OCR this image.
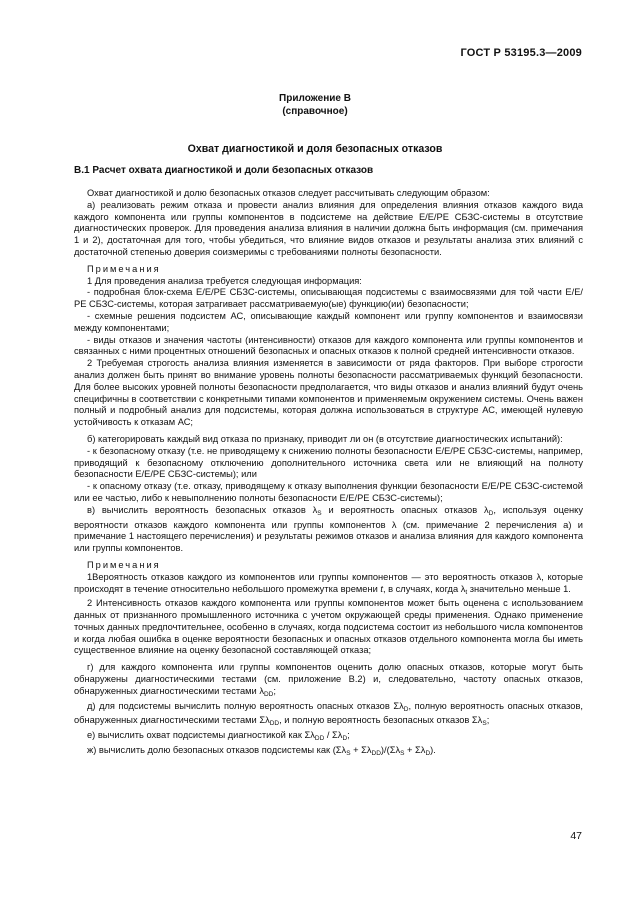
ГОСТ Р 53195.3—2009
Приложение В
(справочное)
Охват диагностикой и доля безопасных отказов
В.1 Расчет охвата диагностикой и доли безопасных отказов

Охват диагностикой и долю безопасных отказов следует рассчитывать следующим образом:

а) реализовать режим отказа и провести анализ влияния для определения влияния отказов каждого вида каждого компонента или группы компонентов в подсистеме на действие Е/Е/РЕ СБЗС-системы в отсутствие диагностических проверок. Для проведения анализа влияния в наличии должна быть информация (см. примечания 1 и 2), достаточная для того, чтобы убедиться, что влияние видов отказов и результаты анализа этих влияний с достаточной степенью доверия соизмеримы с требованиями полноты безопасности.

Примечания

1 Для проведения анализа требуется следующая информация:

- подробная блок-схема Е/Е/РЕ СБЗС-системы, описывающая подсистемы с взаимосвязями для той части Е/Е/РЕ СБЗС-системы, которая затрагивает рассматриваемую(ые) функцию(ии) безопасности;

- схемные решения подсистем АС, описывающие каждый компонент или группу компонентов и взаимосвязи между компонентами;

- виды отказов и значения частоты (интенсивности) отказов для каждого компонента или группы компонентов и связанных с ними процентных отношений безопасных и опасных отказов к полной средней интенсивности отказов.

2 Требуемая строгость анализа влияния изменяется в зависимости от ряда факторов. При выборе строгости анализ должен быть принят во внимание уровень полноты безопасности рассматриваемых функций безопасности. Для более высоких уровней полноты безопасности предполагается, что виды отказов и анализ влияний будут очень специфичны в соответствии с конкретными типами компонентов и применяемым окружением системы. Очень важен полный и подробный анализ для подсистемы, которая должна использоваться в структуре АС, имеющей нулевую устойчивость к отказам АС;

б) категорировать каждый вид отказа по признаку, приводит ли он (в отсутствие диагностических испытаний):

- к безопасному отказу (т.е. не приводящему к снижению полноты безопасности Е/Е/РЕ СБЗС-системы, например, приводящий к безопасному отключению дополнительного источника света или не влияющий на полноту безопасности Е/Е/РЕ СБЗС-системы); или

- к опасному отказу (т.е. отказу, приводящему к отказу выполнения функции безопасности Е/Е/РЕ СБЗС-системой или ее частью, либо к невыполнению полноты безопасности Е/Е/РЕ СБЗС-системы);

в) вычислить вероятность безопасных отказов $\lambda_S$ и вероятность опасных отказов $\lambda_D$, используя оценку вероятности отказов каждого компонента или группы компонентов λ (см. примечание 2 перечисления а) и примечание 1 настоящего перечисления) и результаты режимов отказов и анализа влияния для каждого компонента или группы компонентов.

Примечания

1Вероятность отказов каждого из компонентов или группы компонентов — это вероятность отказов λ, которые происходят в течение относительно небольшого промежутка времени t, в случаях, когда $\lambda_t$ значительно меньше 1.

2 Интенсивность отказов каждого компонента или группы компонентов может быть оценена с использованием данных от признанного промышленного источника с учетом окружающей среды применения. Однако применение точных данных предпочтительнее, особенно в случаях, когда подсистема состоит из небольшого числа компонентов и когда любая ошибка в оценке вероятности безопасных и опасных отказов отдельного компонента могла бы иметь существенное влияние на оценку безопасной составляющей отказа;

г) для каждого компонента или группы компонентов оценить долю опасных отказов, которые могут быть обнаружены диагностическими тестами (см. приложение В.2) и, следовательно, частоту опасных отказов, обнаруженных диагностическими тестами $\lambda_{DD}$;

д) для подсистемы вычислить полную вероятность опасных отказов $\Sigma\lambda_D$, полную вероятность опасных отказов, обнаруженных диагностическими тестами $\Sigma\lambda_{DD}$, и полную вероятность безопасных отказов $\Sigma\lambda_S$;

е) вычислить охват подсистемы диагностикой как $\Sigma\lambda_{DD} / \Sigma\lambda_D$;

ж) вычислить долю безопасных отказов подсистемы как $(\Sigma\lambda_S + \Sigma\lambda_{DD})/(\Sigma\lambda_S + \Sigma\lambda_D)$.

47
